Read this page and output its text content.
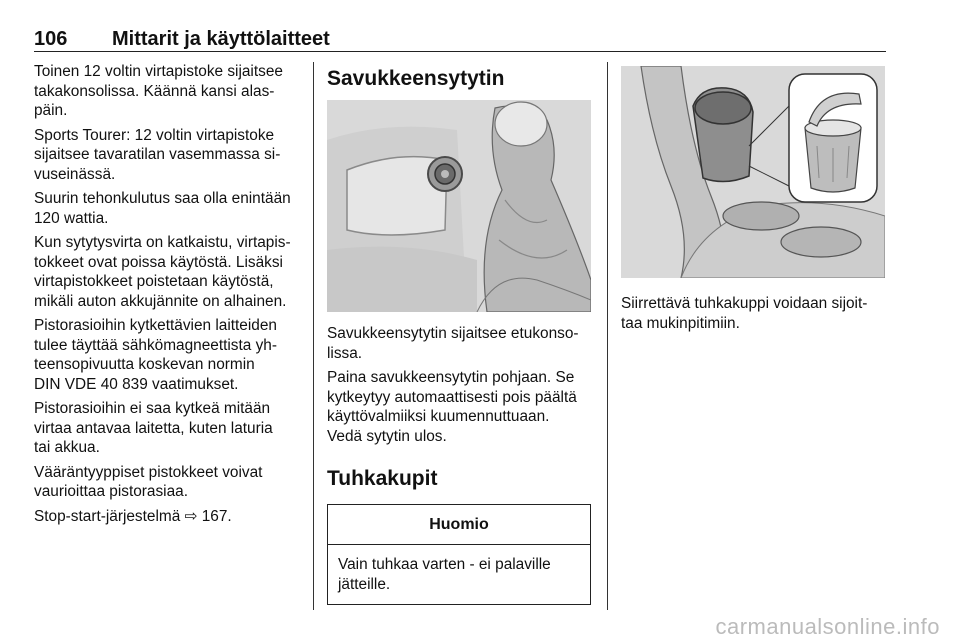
106 Mittarit ja käyttölaitteet
Toinen 12 voltin virtapistoke sijaitsee
takakonsolissa. Käännä kansi alas-
päin.
Sports Tourer: 12 voltin virtapistoke
sijaitsee tavaratilan vasemmassa si-
vuseinässä.
Suurin tehonkulutus saa olla enintään
120 wattia.
Kun sytytysvirta on katkaistu, virtapis-
tokkeet ovat poissa käytöstä. Lisäksi
virtapistokkeet poistetaan käytöstä,
mikäli auton akkujännite on alhainen.
Pistorasioihin kytkettävien laitteiden
tulee täyttää sähkömagneettista yh-
teensopivuutta koskevan normin
DIN VDE 40 839 vaatimukset.
Pistorasioihin ei saa kytkeä mitään
virtaa antavaa laitetta, kuten laturia
tai akkua.
Vääräntyyppiset pistokkeet voivat
vaurioittaa pistorasiaa.
Stop-start-järjestelmä ⇨ 167.
Savukkeensytytin
Savukkeensytytin sijaitsee etukonso-
lissa.
Paina savukkeensytytin pohjaan. Se
kytkeytyy automaattisesti pois päältä
käyttövalmiiksi kuumennuttuaan.
Vedä sytytin ulos.
Tuhkakupit
Huomio
Vain tuhkaa varten - ei palaville
jätteille.
Siirrettävä tuhkakuppi voidaan sijoit-
taa mukinpitimiin.
carmanualsonline.info
